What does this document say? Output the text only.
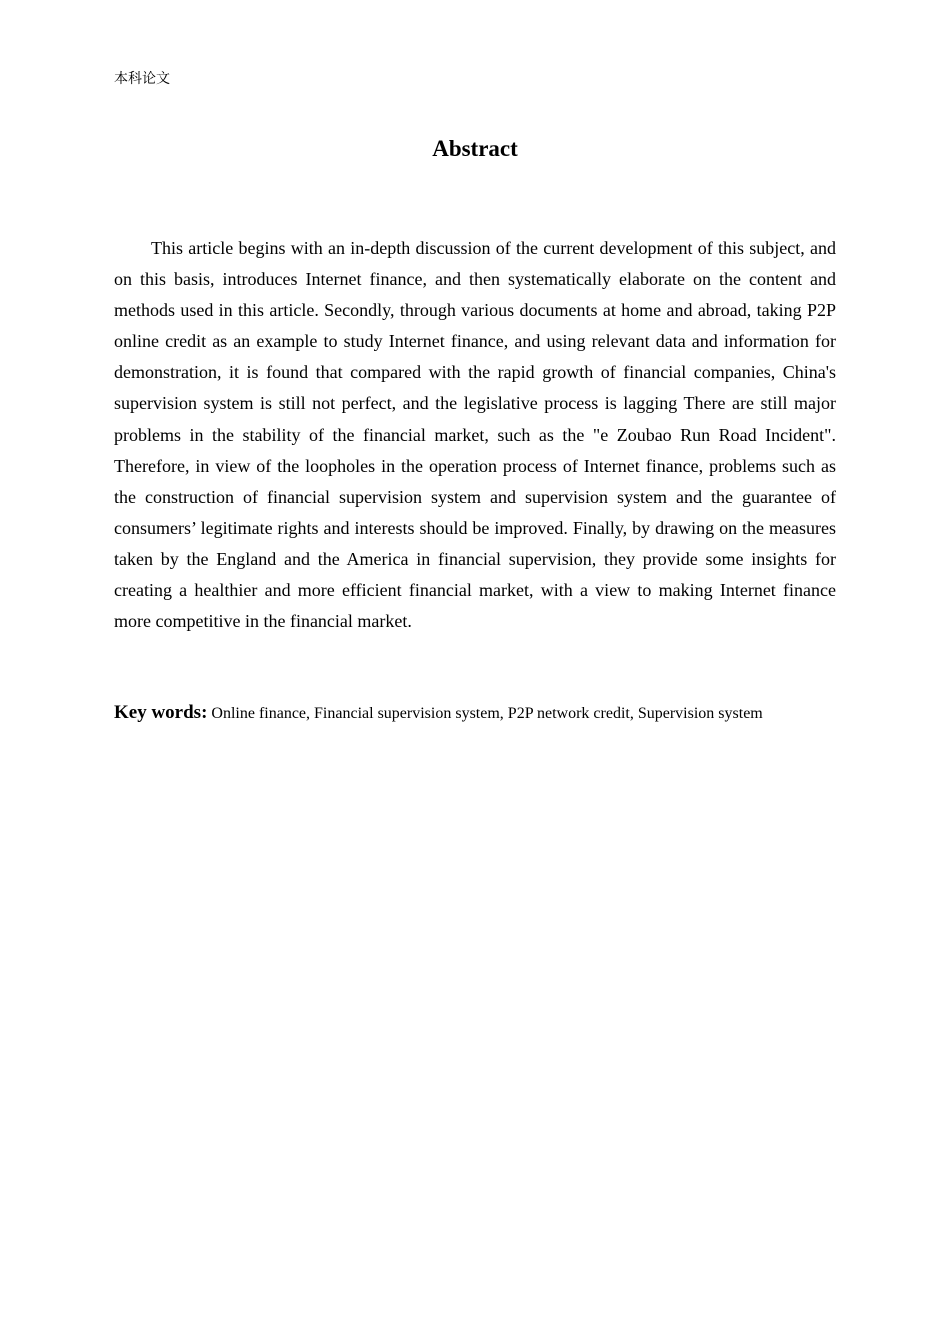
本科论文
Abstract

This article begins with an in-depth discussion of the current development of this subject, and on this basis, introduces Internet finance, and then systematically elaborate on the content and methods used in this article. Secondly, through various documents at home and abroad, taking P2P online credit as an example to study Internet finance, and using relevant data and information for demonstration, it is found that compared with the rapid growth of financial companies, China's supervision system is still not perfect, and the legislative process is lagging There are still major problems in the stability of the financial market, such as the "e Zoubao Run Road Incident". Therefore, in view of the loopholes in the operation process of Internet finance, problems such as the construction of financial supervision system and supervision system and the guarantee of consumers’ legitimate rights and interests should be improved. Finally, by drawing on the measures taken by the England and the America in financial supervision, they provide some insights for creating a healthier and more efficient financial market, with a view to making Internet finance more competitive in the financial market.

Key words: Online finance, Financial supervision system, P2P network credit, Supervision system
